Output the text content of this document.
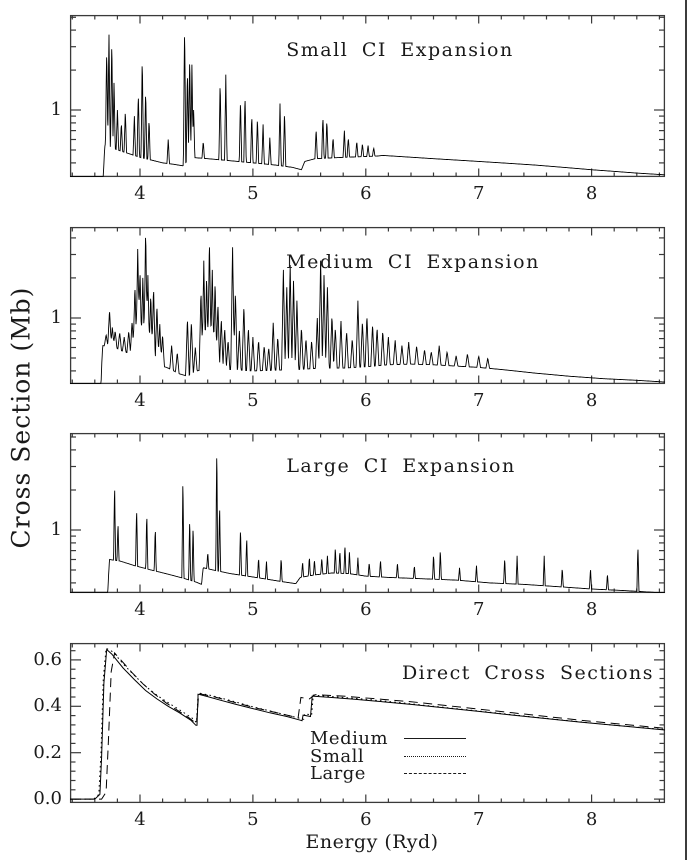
Cross Section (Mb)
Energy (Ryd)
Small CI Expansion
4	5	6	7	8
1
Medium CI Expansion
4	5	6	7	8
1
Large CI Expansion
4	5	6	7	8
1
Direct Cross Sections
Medium
Small
Large
4	5	6	7	8
0.0
0.2
0.4
0.6
